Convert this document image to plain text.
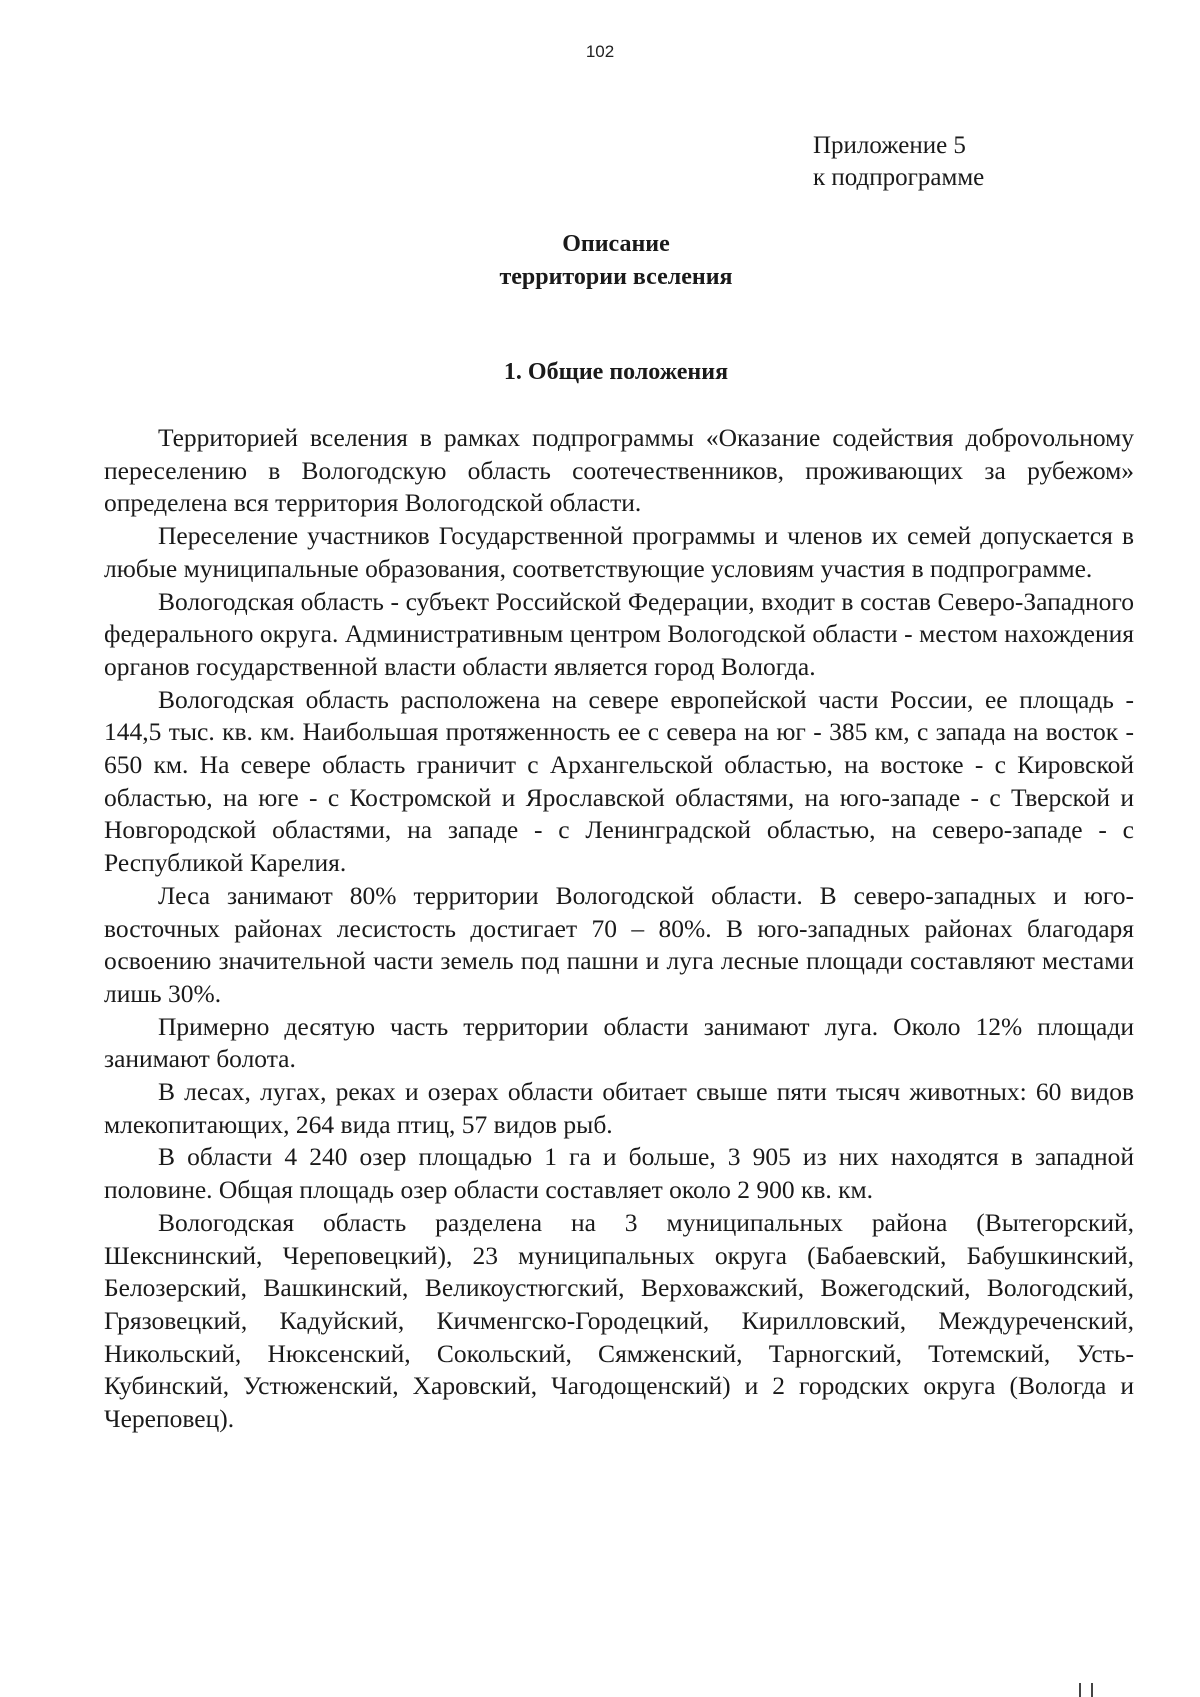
102
Приложение 5
к подпрограмме
Описание
территории вселения
1. Общие положения

Территорией вселения в рамках подпрограммы «Оказание содействия доброvольному переселению в Вологодскую область соотечественников, проживающих за рубежом» определена вся территория Вологодской области.

Переселение участников Государственной программы и членов их семей допускается в любые муниципальные образования, соответствующие условиям участия в подпрограмме.

Вологодская область - субъект Российской Федерации, входит в состав Северо-Западного федерального округа. Административным центром Вологодской области - местом нахождения органов государственной власти области является город Вологда.

Вологодская область расположена на севере европейской части России, ее площадь - 144,5 тыс. кв. км. Наибольшая протяженность ее с севера на юг - 385 км, с запада на восток - 650 км. На севере область граничит с Архангельской областью, на востоке - с Кировской областью, на юге - с Костромской и Ярославской областями, на юго-западе - с Тверской и Новгородской областями, на западе - с Ленинградской областью, на северо-западе - с Республикой Карелия.

Леса занимают 80% территории Вологодской области. В северо-западных и юго-восточных районах лесистость достигает 70 – 80%. В юго-западных районах благодаря освоению значительной части земель под пашни и луга лесные площади составляют местами лишь 30%.

Примерно десятую часть территории области занимают луга. Около 12% площади занимают болота.

В лесах, лугах, реках и озерах области обитает свыше пяти тысяч животных: 60 видов млекопитающих, 264 вида птиц, 57 видов рыб.

В области 4 240 озер площадью 1 га и больше, 3 905 из них находятся в западной половине. Общая площадь озер области составляет около 2 900 кв. км.

Вологодская область разделена на 3 муниципальных района (Вытегорский, Шекснинский, Череповецкий), 23 муниципальных округа (Бабаевский, Бабушкинский, Белозерский, Вашкинский, Великоустюгский, Верховажский, Вожегодский, Вологодский, Грязовецкий, Кадуйский, Кичменгско-Городецкий, Кирилловский, Междуреченский, Никольский, Нюксенский, Сокольский, Сямженский, Тарногский, Тотемский, Усть-Кубинский, Устюженский, Харовский, Чагодощенский) и 2 городских округа (Вологда и Череповец).
